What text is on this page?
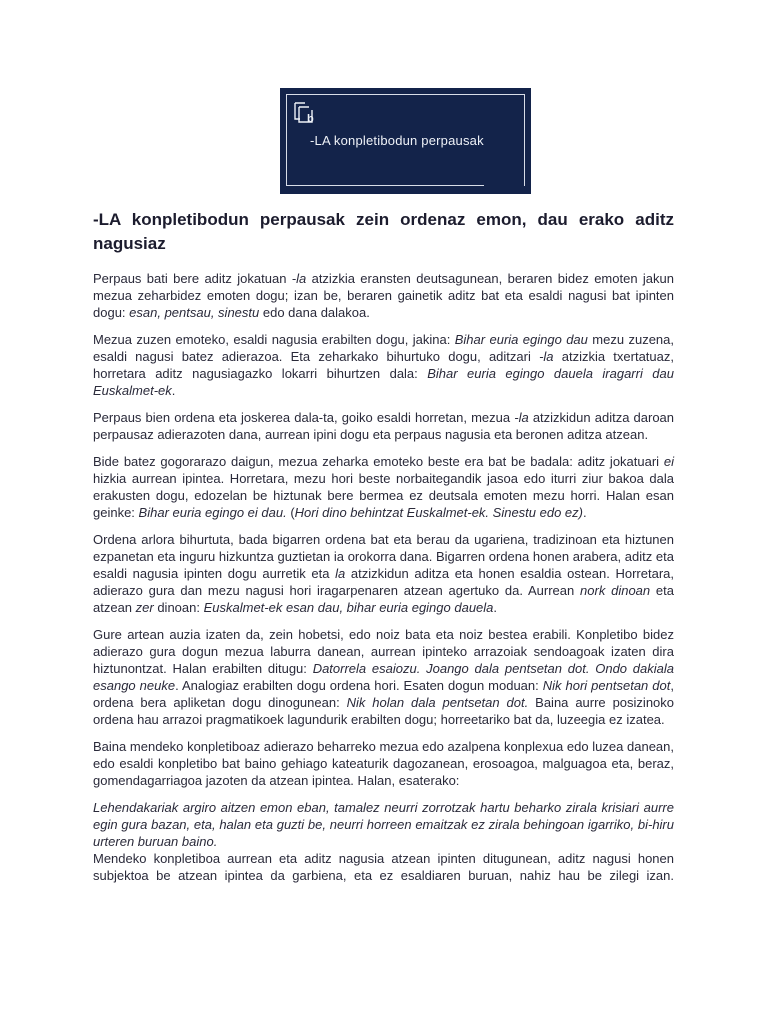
b
-LA konpletibodun perpausak
-LA konpletibodun perpausak zein ordenaz emon, dau erako aditz nagusiaz

Perpaus bati bere aditz jokatuan -la atzizkia eransten deutsagunean, beraren bidez emoten jakun mezua zeharbidez emoten dogu; izan be, beraren gainetik aditz bat eta esaldi nagusi bat ipinten dogu: esan, pentsau, sinestu edo dana dalakoa.

Mezua zuzen emoteko, esaldi nagusia erabilten dogu, jakina: Bihar euria egingo dau mezu zuzena, esaldi nagusi batez adierazoa. Eta zeharkako bihurtuko dogu, aditzari -la atzizkia txertatuaz, horretara aditz nagusiagazko lokarri bihurtzen dala: Bihar euria egingo dauela iragarri dau Euskalmet-ek.

Perpaus bien ordena eta joskerea dala-ta, goiko esaldi horretan, mezua -la atzizkidun aditza daroan perpausaz adierazoten dana, aurrean ipini dogu eta perpaus nagusia eta beronen aditza atzean.

Bide batez gogorarazo daigun, mezua zeharka emoteko beste era bat be badala: aditz jokatuari ei hizkia aurrean ipintea. Horretara, mezu hori beste norbaitegandik jasoa edo iturri ziur bakoa dala erakusten dogu, edozelan be hiztunak bere bermea ez deutsala emoten mezu horri. Halan esan geinke: Bihar euria egingo ei dau. (Hori dino behintzat Euskalmet-ek. Sinestu edo ez).

Ordena arlora bihurtuta, bada bigarren ordena bat eta berau da ugariena, tradizinoan eta hiztunen ezpanetan eta inguru hizkuntza guztietan ia orokorra dana. Bigarren ordena honen arabera, aditz eta esaldi nagusia ipinten dogu aurretik eta la atzizkidun aditza eta honen esaldia ostean. Horretara, adierazo gura dan mezu nagusi hori iragarpenaren atzean agertuko da. Aurrean nork dinoan eta atzean zer dinoan: Euskalmet-ek esan dau, bihar euria egingo dauela.

Gure artean auzia izaten da, zein hobetsi, edo noiz bata eta noiz bestea erabili. Konpletibo bidez adierazo gura dogun mezua laburra danean, aurrean ipinteko arrazoiak sendoagoak izaten dira hiztunontzat. Halan erabilten ditugu: Datorrela esaiozu. Joango dala pentsetan dot. Ondo dakiala esango neuke. Analogiaz erabilten dogu ordena hori. Esaten dogun moduan: Nik hori pentsetan dot, ordena bera apliketan dogu dinogunean: Nik holan dala pentsetan dot. Baina aurre posizinoko ordena hau arrazoi pragmatikoek lagundurik erabilten dogu; horreetariko bat da, luzeegia ez izatea.

Baina mendeko konpletiboaz adierazo beharreko mezua edo azalpena konplexua edo luzea danean, edo esaldi konpletibo bat baino gehiago kateaturik dagozanean, erosoagoa, malguagoa eta, beraz, gomendagarriagoa jazoten da atzean ipintea. Halan, esaterako:

Lehendakariak argiro aitzen emon eban, tamalez neurri zorrotzak hartu beharko zirala krisiari aurre egin gura bazan, eta, halan eta guzti be, neurri horreen emaitzak ez zirala behingoan igarriko, bi-hiru urteren buruan baino.

Mendeko konpletiboa aurrean eta aditz nagusia atzean ipinten ditugunean, aditz nagusi honen subjektoa be atzean ipintea da garbiena, eta ez esaldiaren buruan, nahiz hau be zilegi izan.
